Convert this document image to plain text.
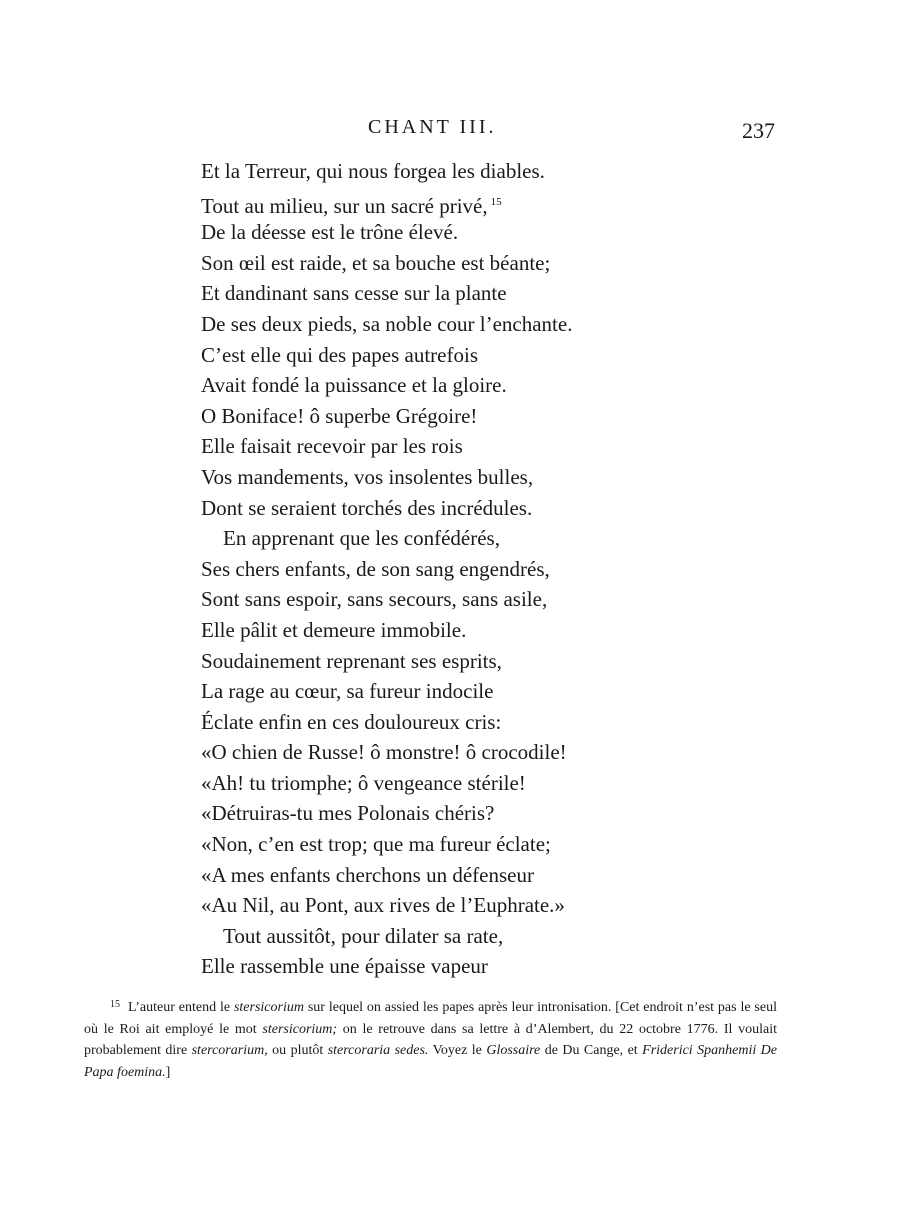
CHANT III.	237
Et la Terreur, qui nous forgea les diables.
Tout au milieu, sur un sacré privé, $^{15}$
De la déesse est le trône élevé.
Son œil est raide, et sa bouche est béante;
Et dandinant sans cesse sur la plante
De ses deux pieds, sa noble cour l’enchante.
C’est elle qui des papes autrefois
Avait fondé la puissance et la gloire.
O Boniface! ô superbe Grégoire!
Elle faisait recevoir par les rois
Vos mandements, vos insolentes bulles,
Dont se seraient torchés des incrédules.
En apprenant que les confédérés,
Ses chers enfants, de son sang engendrés,
Sont sans espoir, sans secours, sans asile,
Elle pâlit et demeure immobile.
Soudainement reprenant ses esprits,
La rage au cœur, sa fureur indocile
Éclate enfin en ces douloureux cris:
«O chien de Russe! ô monstre! ô crocodile!
«Ah! tu triomphe; ô vengeance stérile!
«Détruiras-tu mes Polonais chéris?
«Non, c’en est trop; que ma fureur éclate;
«A mes enfants cherchons un défenseur
«Au Nil, au Pont, aux rives de l’Euphrate.»
Tout aussitôt, pour dilater sa rate,
Elle rassemble une épaisse vapeur
$^{15}$ L’auteur entend le stersicorium sur lequel on assied les papes après leur intronisation. [Cet endroit n’est pas le seul où le Roi ait employé le mot stersicorium; on le retrouve dans sa lettre à d’Alembert, du 22 octobre 1776. Il voulait probablement dire stercorarium, ou plutôt stercoraria sedes. Voyez le Glossaire de Du Cange, et Friderici Spanhemii De Papa foemina.]
